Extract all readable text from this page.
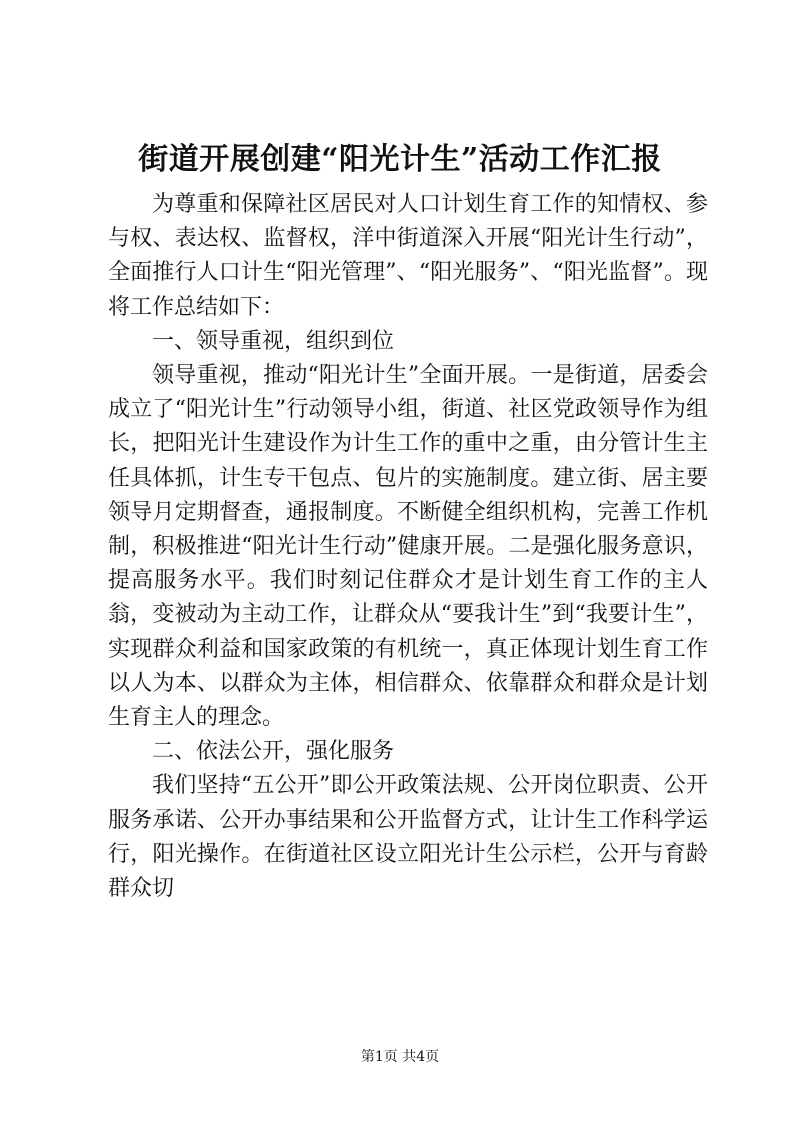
街道开展创建“阳光计生”活动工作汇报

为尊重和保障社区居民对人口计划生育工作的知情权、参与权、表达权、监督权，洋中街道深入开展“阳光计生行动”，全面推行人口计生“阳光管理”、“阳光服务”、“阳光监督”。现将工作总结如下：

一、领导重视，组织到位

领导重视，推动“阳光计生”全面开展。一是街道，居委会成立了“阳光计生”行动领导小组，街道、社区党政领导作为组长，把阳光计生建设作为计生工作的重中之重，由分管计生主任具体抓，计生专干包点、包片的实施制度。建立街、居主要领导月定期督查，通报制度。不断健全组织机构，完善工作机制，积极推进“阳光计生行动”健康开展。二是强化服务意识，提高服务水平。我们时刻记住群众才是计划生育工作的主人翁，变被动为主动工作，让群众从“要我计生”到“我要计生”，实现群众利益和国家政策的有机统一，真正体现计划生育工作以人为本、以群众为主体，相信群众、依靠群众和群众是计划生育主人的理念。

二、依法公开，强化服务

我们坚持“五公开”即公开政策法规、公开岗位职责、公开服务承诺、公开办事结果和公开监督方式，让计生工作科学运行，阳光操作。在街道社区设立阳光计生公示栏，公开与育龄群众切

第1页 共4页
